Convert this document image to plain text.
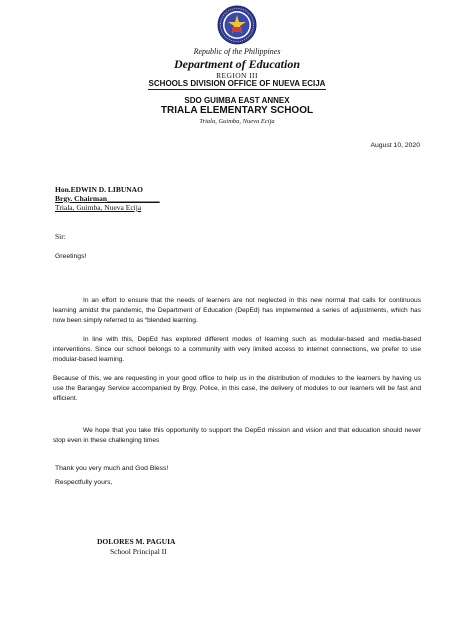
Republic of the Philippines
Department of Education
REGION III
SCHOOLS DIVISION OFFICE OF NUEVA ECIJA
SDO GUIMBA EAST ANNEX
TRIALA ELEMENTARY SCHOOL
Triala, Guimba, Nueva Ecija
August 10, 2020
Hon.EDWIN D. LIBUNAO
Brgy. Chairman______________
Triala, Guimba, Nueva Ecija
Sir:
Greetings!
In an effort to ensure that the needs of learners are not neglected in this new normal that calls for continuous learning amidst the pandemic, the Department of Education (DepEd) has implemented a series of adjustments, which has now been simply referred to as “blended learning.
In line with this, DepEd has explored different modes of learning such as modular-based and media-based interventions. Since our school belongs to a community with very limited access to internet connections, we prefer to use modular-based learning.
Because of this, we are requesting in your good office to help us in the distribution of modules to the learners by having us use the Barangay Service accompanied by Brgy. Police, in this case, the delivery of modules to our learners will be fast and efficient.
We hope that you take this opportunity to support the DepEd mission and vision and that education should never stop even in these challenging times
Thank you very much and God Bless!
Respectfully yours,
DOLORES M. PAGUIA
School Principal II
